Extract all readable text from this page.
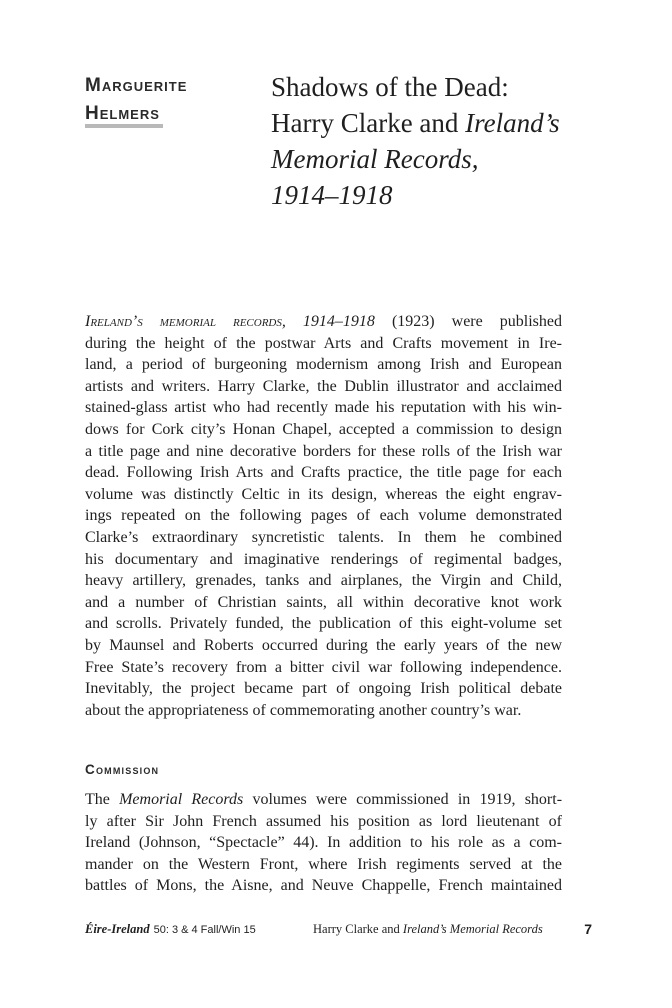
Marguerite
Helmers
Shadows of the Dead:
Harry Clarke and Ireland’s
Memorial Records,
1914–1918
Ireland’s memorial records, 1914–1918 (1923) were published
during the height of the postwar Arts and Crafts movement in Ire-
land, a period of burgeoning modernism among Irish and European
artists and writers. Harry Clarke, the Dublin illustrator and acclaimed
stained-glass artist who had recently made his reputation with his win-
dows for Cork city’s Honan Chapel, accepted a commission to design
a title page and nine decorative borders for these rolls of the Irish war
dead. Following Irish Arts and Crafts practice, the title page for each
volume was distinctly Celtic in its design, whereas the eight engrav-
ings repeated on the following pages of each volume demonstrated
Clarke’s extraordinary syncretistic talents. In them he combined
his documentary and imaginative renderings of regimental badges,
heavy artillery, grenades, tanks and airplanes, the Virgin and Child,
and a number of Christian saints, all within decorative knot work
and scrolls. Privately funded, the publication of this eight-volume set
by Maunsel and Roberts occurred during the early years of the new
Free State’s recovery from a bitter civil war following independence.
Inevitably, the project became part of ongoing Irish political debate
about the appropriateness of commemorating another country’s war.
Commission
The Memorial Records volumes were commissioned in 1919, short-
ly after Sir John French assumed his position as lord lieutenant of
Ireland (Johnson, “Spectacle” 44). In addition to his role as a com-
mander on the Western Front, where Irish regiments served at the
battles of Mons, the Aisne, and Neuve Chappelle, French maintained
Éire-Ireland 50: 3 & 4 Fall/Win 15	Harry Clarke and Ireland’s Memorial Records	7
